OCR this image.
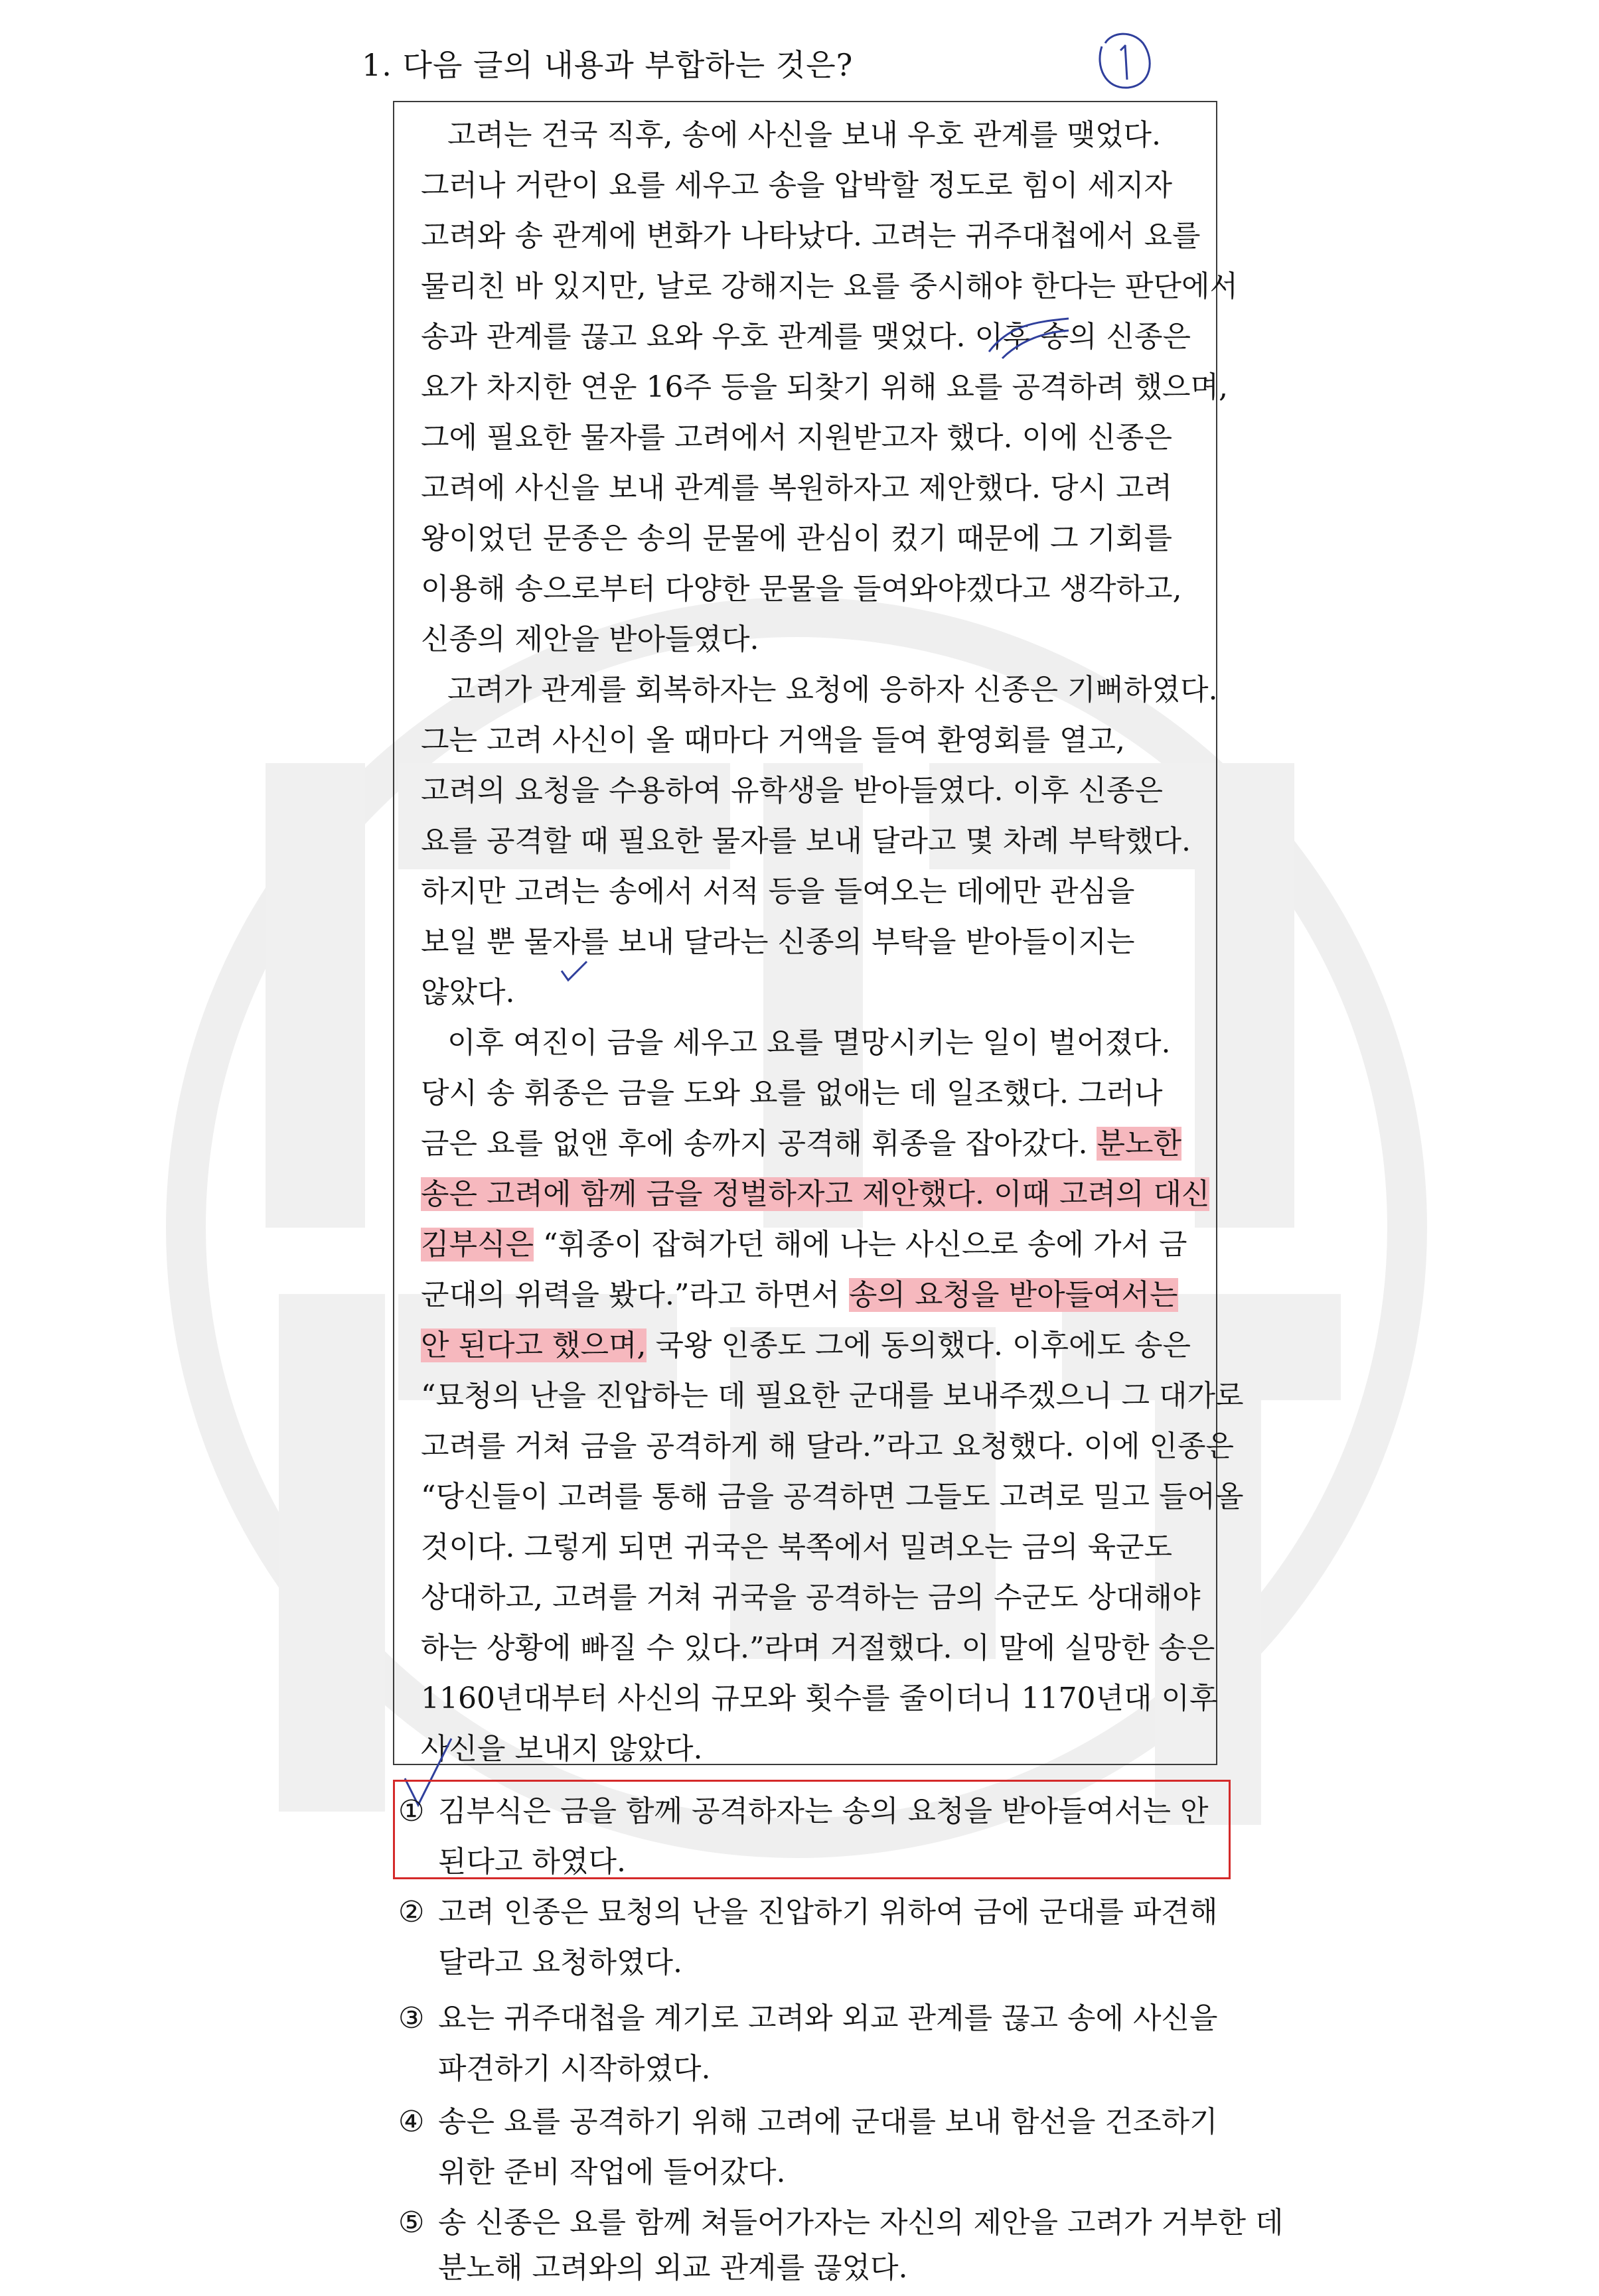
1. 다음 글의 내용과 부합하는 것은?
고려는 건국 직후, 송에 사신을 보내 우호 관계를 맺었다.
그러나 거란이 요를 세우고 송을 압박할 정도로 힘이 세지자
고려와 송 관계에 변화가 나타났다. 고려는 귀주대첩에서 요를
물리친 바 있지만, 날로 강해지는 요를 중시해야 한다는 판단에서
송과 관계를 끊고 요와 우호 관계를 맺었다. 이후 송의 신종은
요가 차지한 연운 16주 등을 되찾기 위해 요를 공격하려 했으며,
그에 필요한 물자를 고려에서 지원받고자 했다. 이에 신종은
고려에 사신을 보내 관계를 복원하자고 제안했다. 당시 고려
왕이었던 문종은 송의 문물에 관심이 컸기 때문에 그 기회를
이용해 송으로부터 다양한 문물을 들여와야겠다고 생각하고,
신종의 제안을 받아들였다.
고려가 관계를 회복하자는 요청에 응하자 신종은 기뻐하였다.
그는 고려 사신이 올 때마다 거액을 들여 환영회를 열고,
고려의 요청을 수용하여 유학생을 받아들였다. 이후 신종은
요를 공격할 때 필요한 물자를 보내 달라고 몇 차례 부탁했다.
하지만 고려는 송에서 서적 등을 들여오는 데에만 관심을
보일 뿐 물자를 보내 달라는 신종의 부탁을 받아들이지는
않았다.
이후 여진이 금을 세우고 요를 멸망시키는 일이 벌어졌다.
당시 송 휘종은 금을 도와 요를 없애는 데 일조했다. 그러나
금은 요를 없앤 후에 송까지 공격해 휘종을 잡아갔다. 분노한
송은 고려에 함께 금을 정벌하자고 제안했다. 이때 고려의 대신
김부식은 “휘종이 잡혀가던 해에 나는 사신으로 송에 가서 금
군대의 위력을 봤다.”라고 하면서 송의 요청을 받아들여서는
안 된다고 했으며, 국왕 인종도 그에 동의했다. 이후에도 송은
“묘청의 난을 진압하는 데 필요한 군대를 보내주겠으니 그 대가로
고려를 거쳐 금을 공격하게 해 달라.”라고 요청했다. 이에 인종은
“당신들이 고려를 통해 금을 공격하면 그들도 고려로 밀고 들어올
것이다. 그렇게 되면 귀국은 북쪽에서 밀려오는 금의 육군도
상대하고, 고려를 거쳐 귀국을 공격하는 금의 수군도 상대해야
하는 상황에 빠질 수 있다.”라며 거절했다. 이 말에 실망한 송은
1160년대부터 사신의 규모와 횟수를 줄이더니 1170년대 이후
사신을 보내지 않았다.
① 김부식은 금을 함께 공격하자는 송의 요청을 받아들여서는 안
된다고 하였다.
② 고려 인종은 묘청의 난을 진압하기 위하여 금에 군대를 파견해
달라고 요청하였다.
③ 요는 귀주대첩을 계기로 고려와 외교 관계를 끊고 송에 사신을
파견하기 시작하였다.
④ 송은 요를 공격하기 위해 고려에 군대를 보내 함선을 건조하기
위한 준비 작업에 들어갔다.
⑤ 송 신종은 요를 함께 쳐들어가자는 자신의 제안을 고려가 거부한 데
분노해 고려와의 외교 관계를 끊었다.
